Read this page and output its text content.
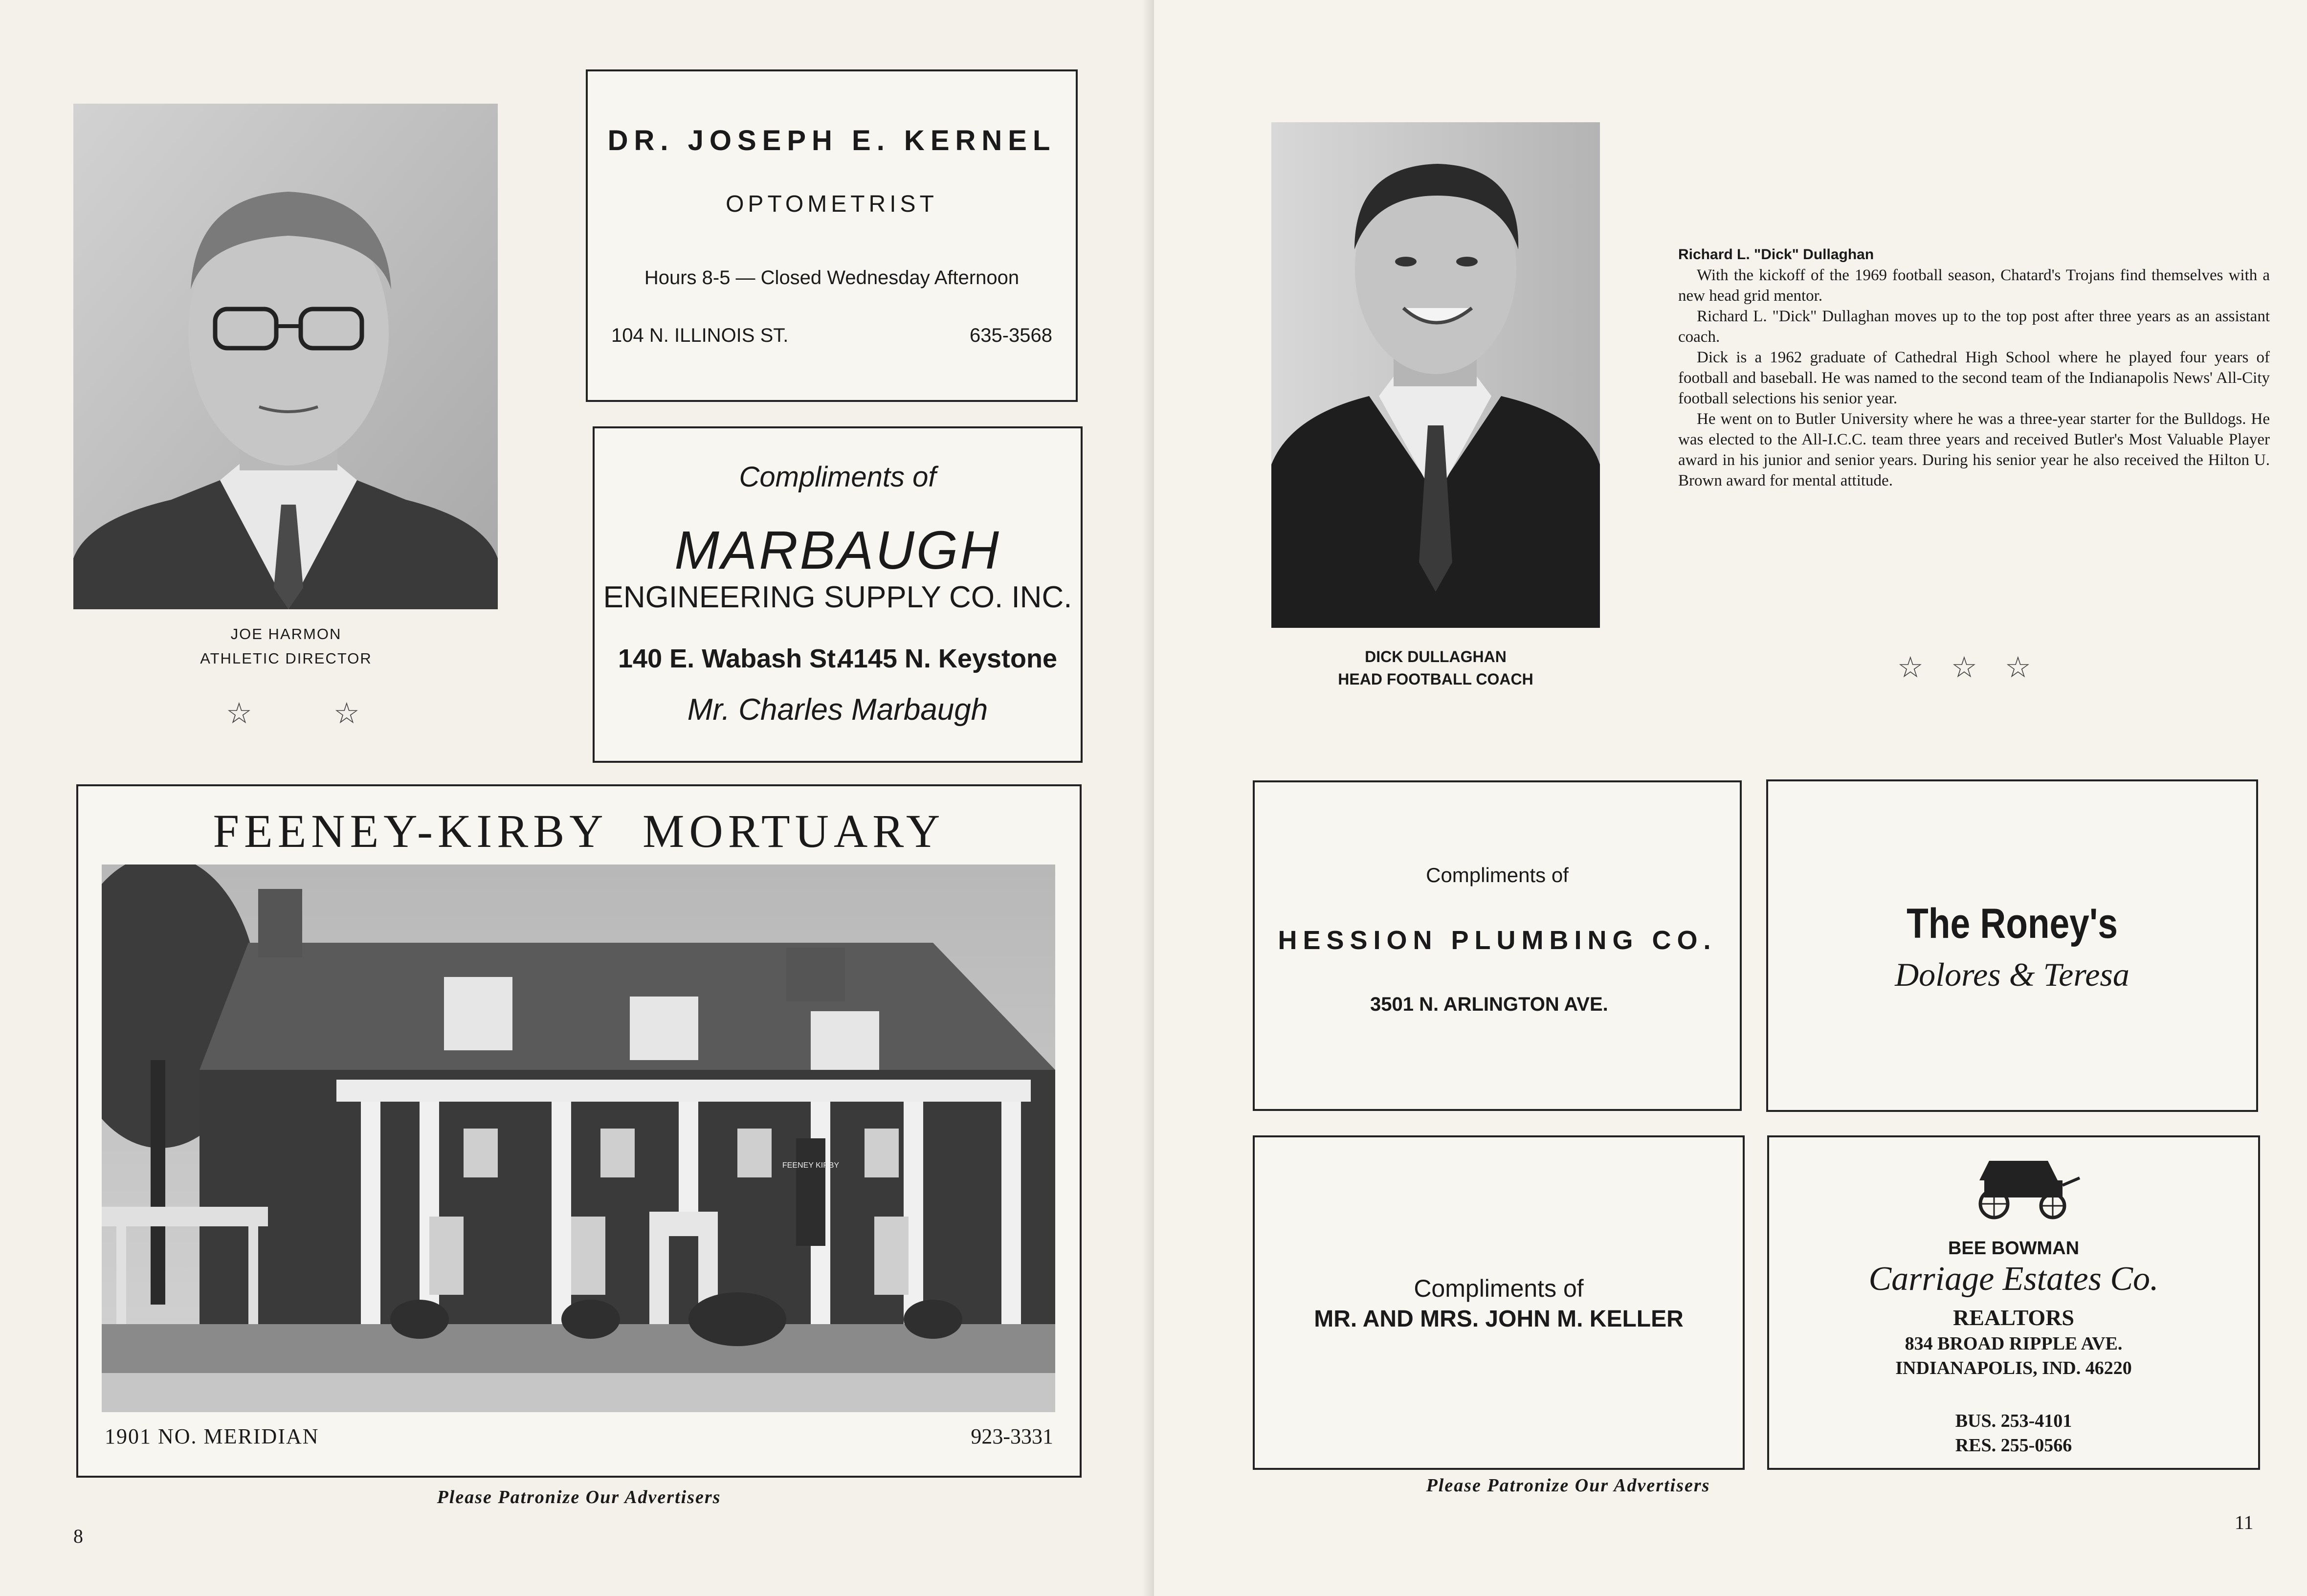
JOE HARMON
ATHLETIC DIRECTOR
☆	☆
DR. JOSEPH E. KERNEL
OPTOMETRIST
Hours 8-5 — Closed Wednesday Afternoon
104 N. ILLINOIS ST.	635-3568
Compliments of
MARBAUGH
ENGINEERING SUPPLY CO. INC.
140 E. Wabash St.
4145 N. Keystone
Mr. Charles Marbaugh
FEENEY-KIRBY MORTUARY
FEENEY KIRBY
1901 NO. MERIDIAN	923-3331
Please Patronize Our Advertisers
8
DICK DULLAGHAN
HEAD FOOTBALL COACH
Richard L. "Dick" Dullaghan
With the kickoff of the 1969 football season, Chatard's Trojans find themselves with a new head grid mentor.
Richard L. "Dick" Dullaghan moves up to the top post after three years as an assistant coach.
Dick is a 1962 graduate of Cathedral High School where he played four years of football and baseball. He was named to the second team of the Indianapolis News' All-City football selections his senior year.
He went on to Butler University where he was a three-year starter for the Bulldogs. He was elected to the All-I.C.C. team three years and received Butler's Most Valuable Player award in his junior and senior years. During his senior year he also received the Hilton U. Brown award for mental attitude.
☆ ☆ ☆
Compliments of
HESSION PLUMBING CO.
3501 N. ARLINGTON AVE.
The Roney's
Dolores & Teresa
Compliments of
MR. AND MRS. JOHN M. KELLER
BEE BOWMAN
Carriage Estates Co.
REALTORS
834 BROAD RIPPLE AVE.
INDIANAPOLIS, IND. 46220
BUS. 253-4101
RES. 255-0566
Please Patronize Our Advertisers
11
